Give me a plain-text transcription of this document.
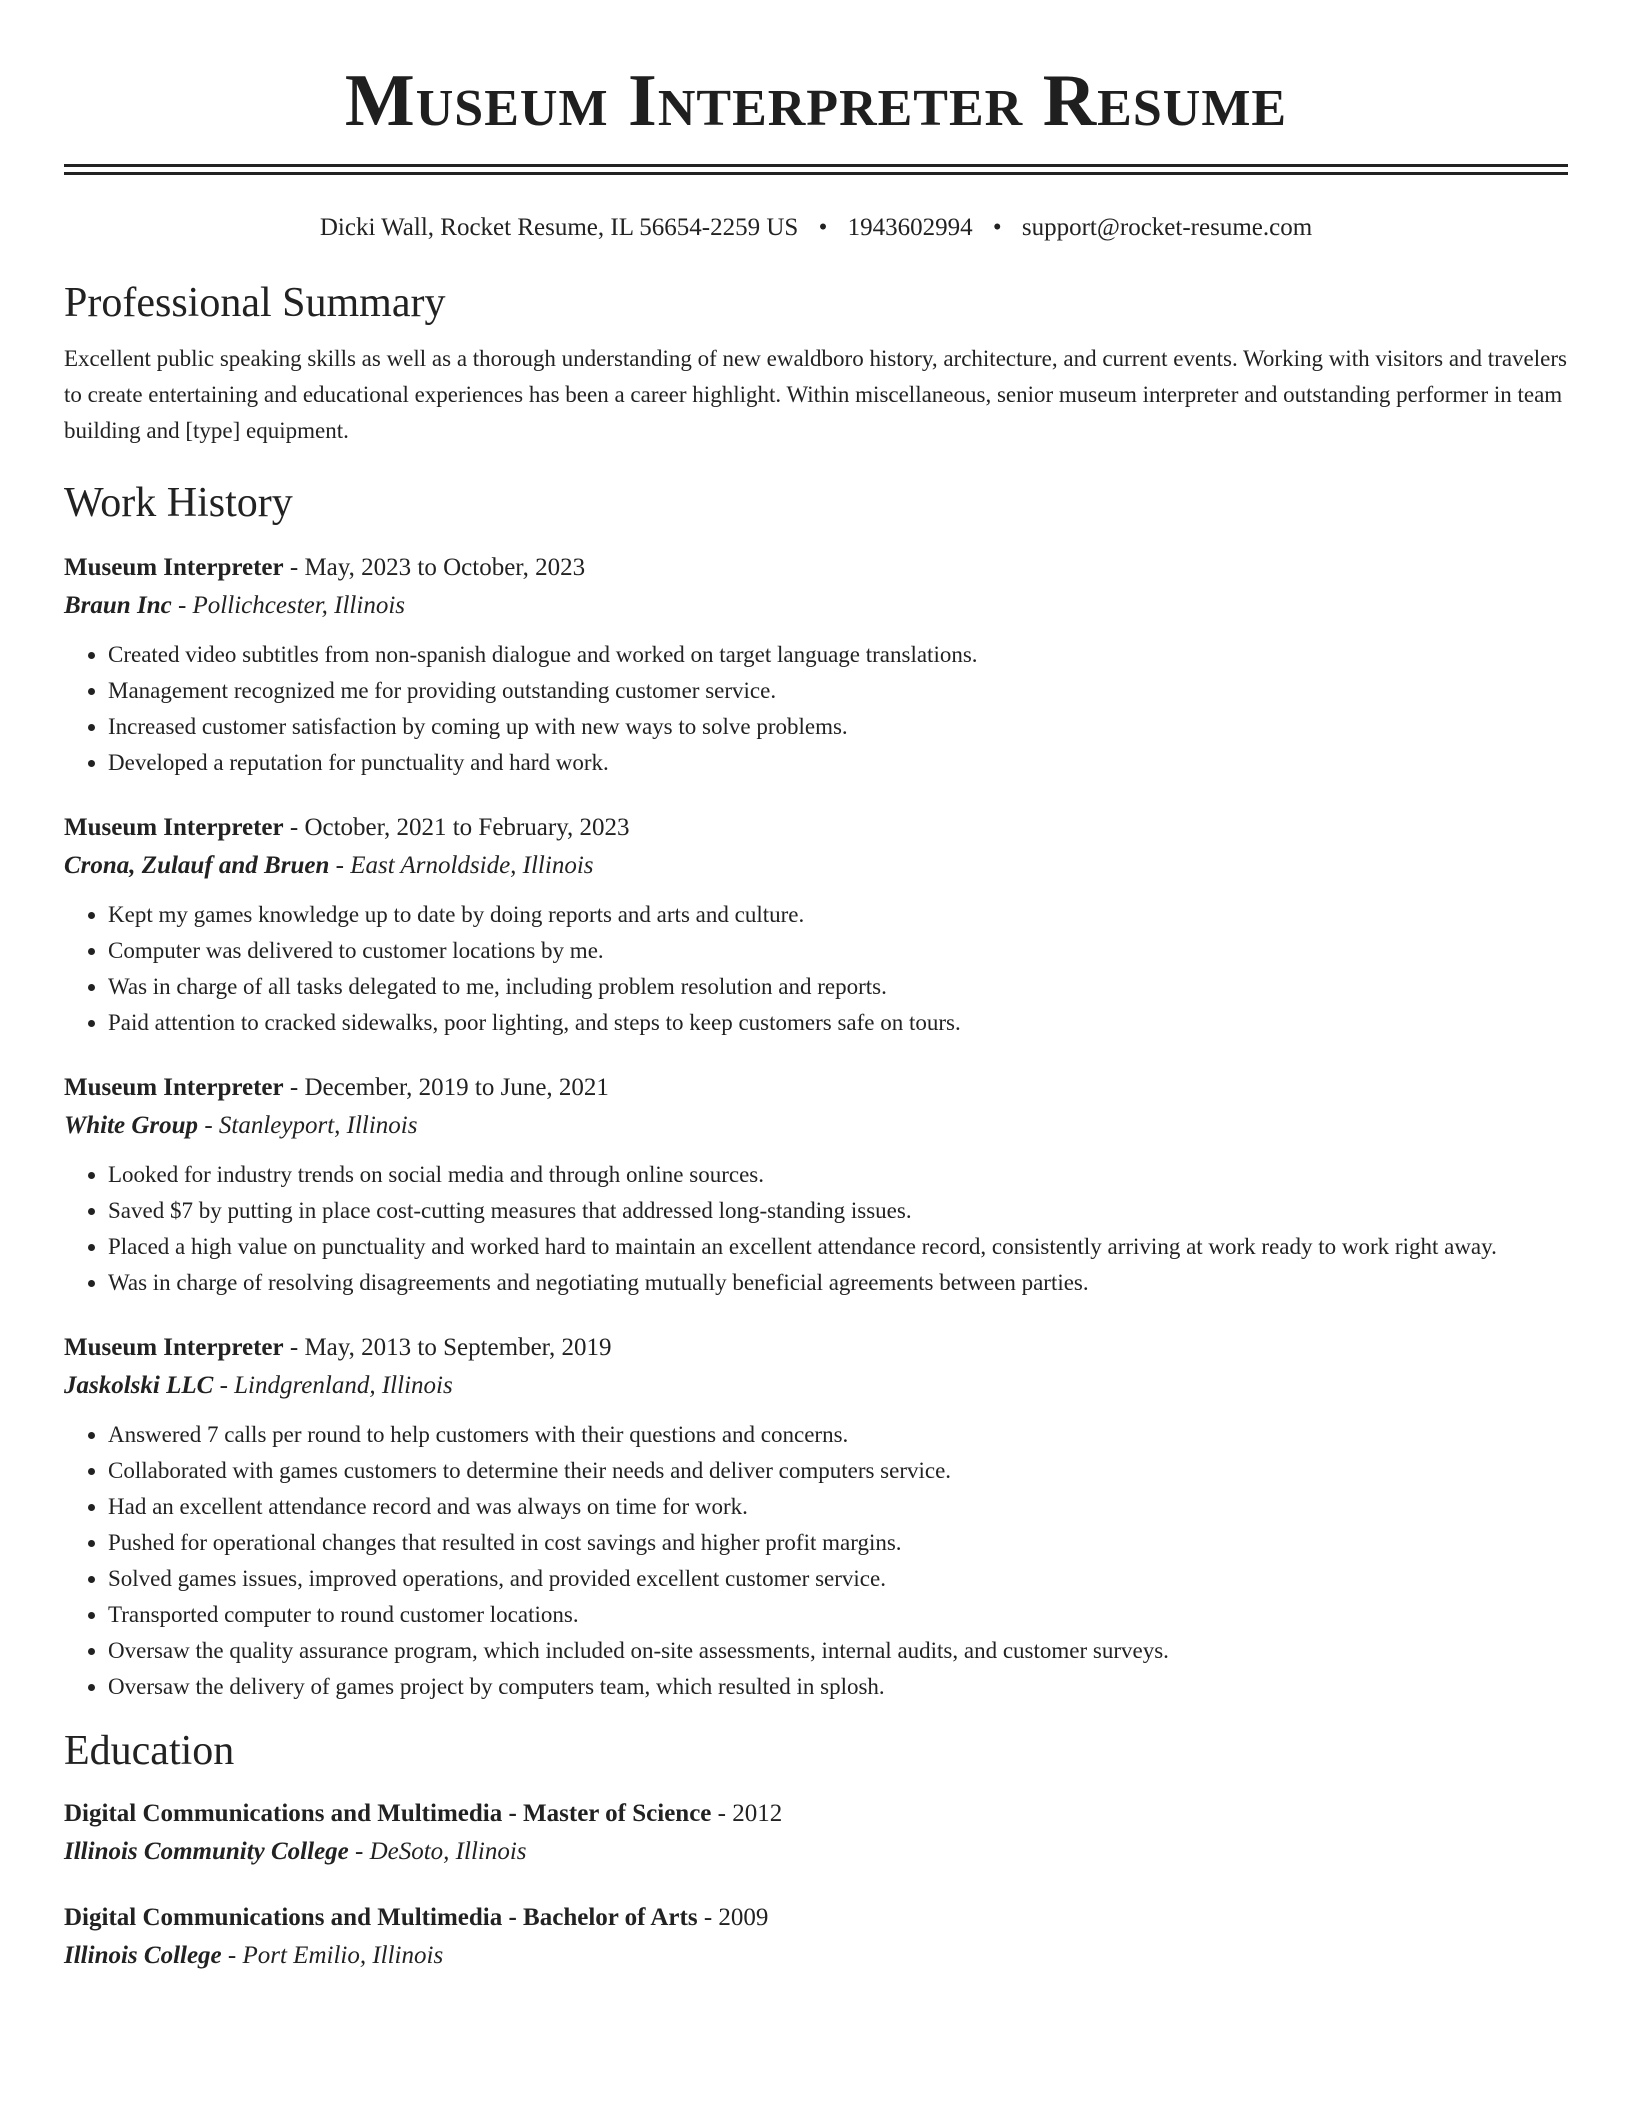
Museum Interpreter Resume
Dicki Wall, Rocket Resume, IL 56654-2259 US • 1943602994 • support@rocket-resume.com
Professional Summary

Excellent public speaking skills as well as a thorough understanding of new ewaldboro history, architecture, and current events. Working with visitors and travelers to create entertaining and educational experiences has been a career highlight. Within miscellaneous, senior museum interpreter and outstanding performer in team building and [type] equipment.

Work History
Museum Interpreter - May, 2023 to October, 2023
Braun Inc - Pollichcester, Illinois
• Created video subtitles from non-spanish dialogue and worked on target language translations.
• Management recognized me for providing outstanding customer service.
• Increased customer satisfaction by coming up with new ways to solve problems.
• Developed a reputation for punctuality and hard work.
Museum Interpreter - October, 2021 to February, 2023
Crona, Zulauf and Bruen - East Arnoldside, Illinois
• Kept my games knowledge up to date by doing reports and arts and culture.
• Computer was delivered to customer locations by me.
• Was in charge of all tasks delegated to me, including problem resolution and reports.
• Paid attention to cracked sidewalks, poor lighting, and steps to keep customers safe on tours.
Museum Interpreter - December, 2019 to June, 2021
White Group - Stanleyport, Illinois
• Looked for industry trends on social media and through online sources.
• Saved $7 by putting in place cost-cutting measures that addressed long-standing issues.
• Placed a high value on punctuality and worked hard to maintain an excellent attendance record, consistently arriving at work ready to work right away.
• Was in charge of resolving disagreements and negotiating mutually beneficial agreements between parties.
Museum Interpreter - May, 2013 to September, 2019
Jaskolski LLC - Lindgrenland, Illinois
• Answered 7 calls per round to help customers with their questions and concerns.
• Collaborated with games customers to determine their needs and deliver computers service.
• Had an excellent attendance record and was always on time for work.
• Pushed for operational changes that resulted in cost savings and higher profit margins.
• Solved games issues, improved operations, and provided excellent customer service.
• Transported computer to round customer locations.
• Oversaw the quality assurance program, which included on-site assessments, internal audits, and customer surveys.
• Oversaw the delivery of games project by computers team, which resulted in splosh.
Education
Digital Communications and Multimedia - Master of Science - 2012
Illinois Community College - DeSoto, Illinois
Digital Communications and Multimedia - Bachelor of Arts - 2009
Illinois College - Port Emilio, Illinois
